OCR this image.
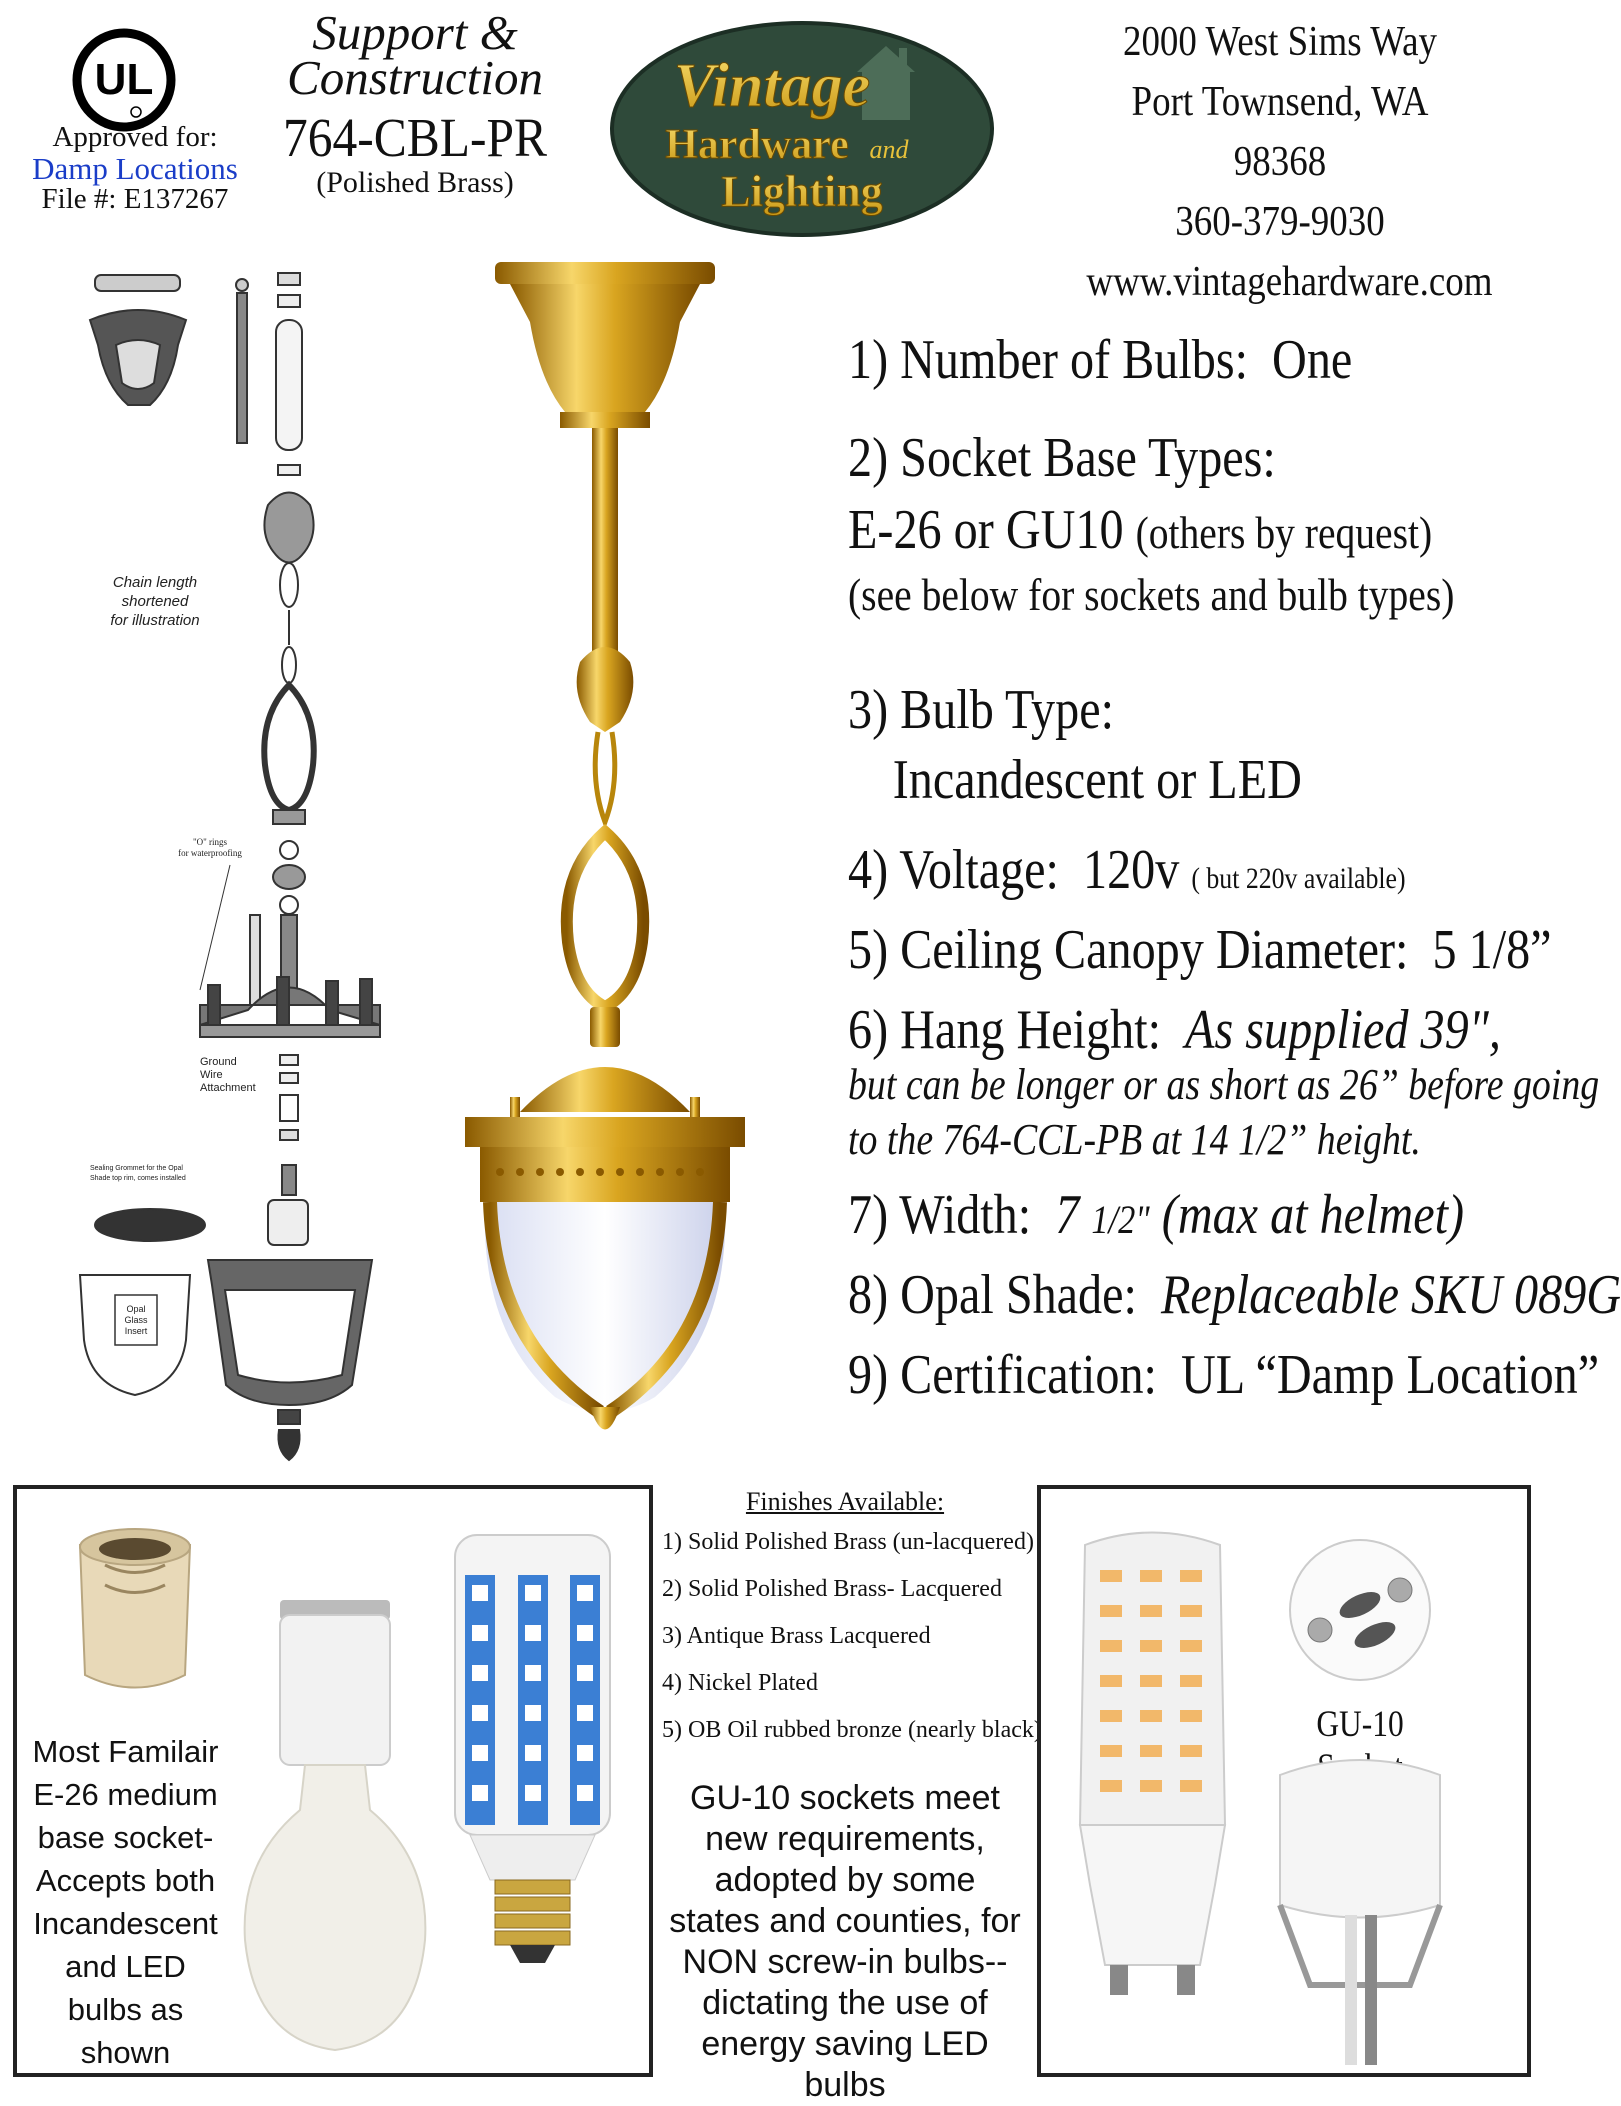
UL
Approved for:
Damp Locations
File #: E137267
Support &
Construction
764-CBL-PR
(Polished Brass)
Vintage
Hardware and
Lighting
2000 West Sims Way
Port Townsend, WA 98368
360-379-9030
www.vintagehardware.com
Chain length
shortened
for illustration
"O" rings
for waterproofing
Ground
Wire
Attachment
Sealing Grommet for the Opal
Shade top rim, comes installed
Opal
Glass
Insert
1) Number of Bulbs: One
2) Socket Base Types:
E-26 or GU10 (others by request)
(see below for sockets and bulb types)
3) Bulb Type:
Incandescent or LED
4) Voltage: 120v ( but 220v available)
5) Ceiling Canopy Diameter: 5 1/8”
6) Hang Height: As supplied 39",
but can be longer or as short as 26” before going
to the 764-CCL-PB at 14 1/2” height.
7) Width: 7 1/2" (max at helmet)
8) Opal Shade: Replaceable SKU 089G
9) Certification: UL “Damp Location”
Most Familair
E-26 medium
base socket-
Accepts both
Incandescent
and LED
bulbs as
shown
Finishes Available:
1) Solid Polished Brass (un-lacquered)
2) Solid Polished Brass- Lacquered
3) Antique Brass Lacquered
4) Nickel Plated
5) OB Oil rubbed bronze (nearly black)
GU-10 sockets meet
new requirements,
adopted by some
states and counties, for
NON screw-in bulbs--
dictating the use of
energy saving LED bulbs
GU-10
